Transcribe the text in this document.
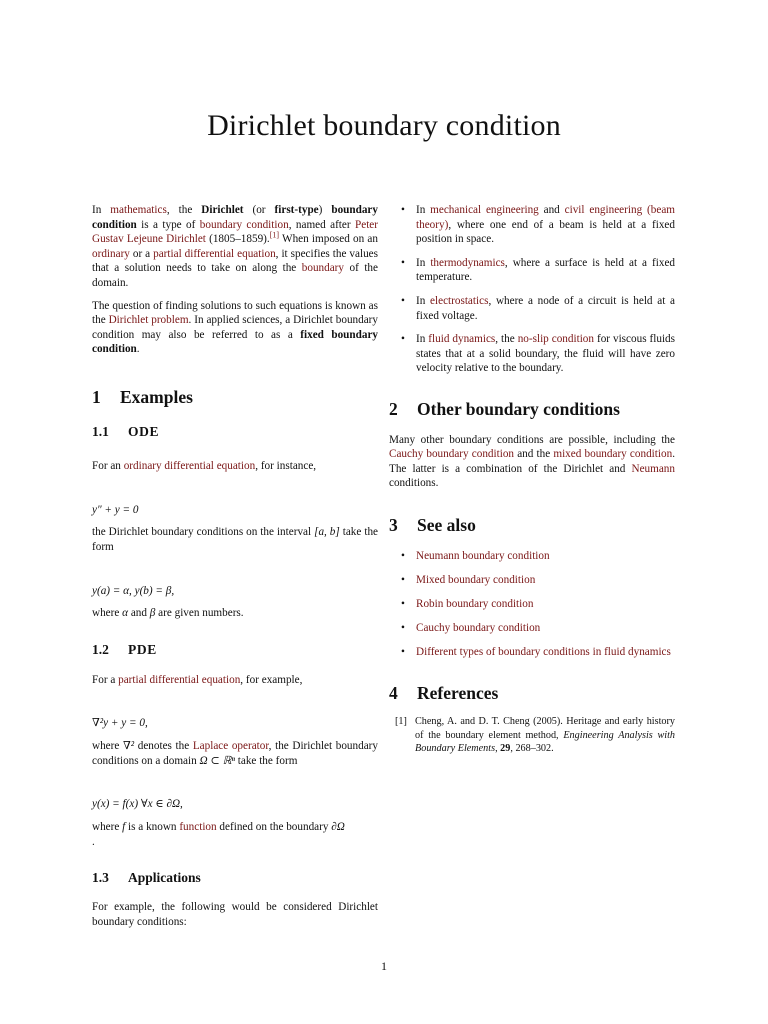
Dirichlet boundary condition

In mathematics, the Dirichlet (or first-type) boundary condition is a type of boundary condition, named after Peter Gustav Lejeune Dirichlet (1805–1859).[1] When imposed on an ordinary or a partial differential equation, it specifies the values that a solution needs to take on along the boundary of the domain.

The question of finding solutions to such equations is known as the Dirichlet problem. In applied sciences, a Dirichlet boundary condition may also be referred to as a fixed boundary condition.

1 Examples
1.1 ODE

For an ordinary differential equation, for instance,

y″ + y = 0

the Dirichlet boundary conditions on the interval [a, b] take the form

y(a) = α, y(b) = β,

where α and β are given numbers.

1.2 PDE

For a partial differential equation, for example,

∇²y + y = 0,

where ∇² denotes the Laplace operator, the Dirichlet boundary conditions on a domain Ω ⊂ ℝⁿ take the form

y(x) = f(x) ∀x ∈ ∂Ω,

where f is a known function defined on the boundary ∂Ω
.

1.3 Applications

For example, the following would be considered Dirichlet boundary conditions:

• In mechanical engineering and civil engineering (beam theory), where one end of a beam is held at a fixed position in space.
• In thermodynamics, where a surface is held at a fixed temperature.
• In electrostatics, where a node of a circuit is held at a fixed voltage.
• In fluid dynamics, the no-slip condition for viscous fluids states that at a solid boundary, the fluid will have zero velocity relative to the boundary.
2 Other boundary conditions

Many other boundary conditions are possible, including the Cauchy boundary condition and the mixed boundary condition. The latter is a combination of the Dirichlet and Neumann conditions.

3 See also
• Neumann boundary condition
• Mixed boundary condition
• Robin boundary condition
• Cauchy boundary condition
• Different types of boundary conditions in fluid dynamics
4 References
[1] Cheng, A. and D. T. Cheng (2005). Heritage and early history of the boundary element method, Engineering Analysis with Boundary Elements, 29, 268–302.
1
